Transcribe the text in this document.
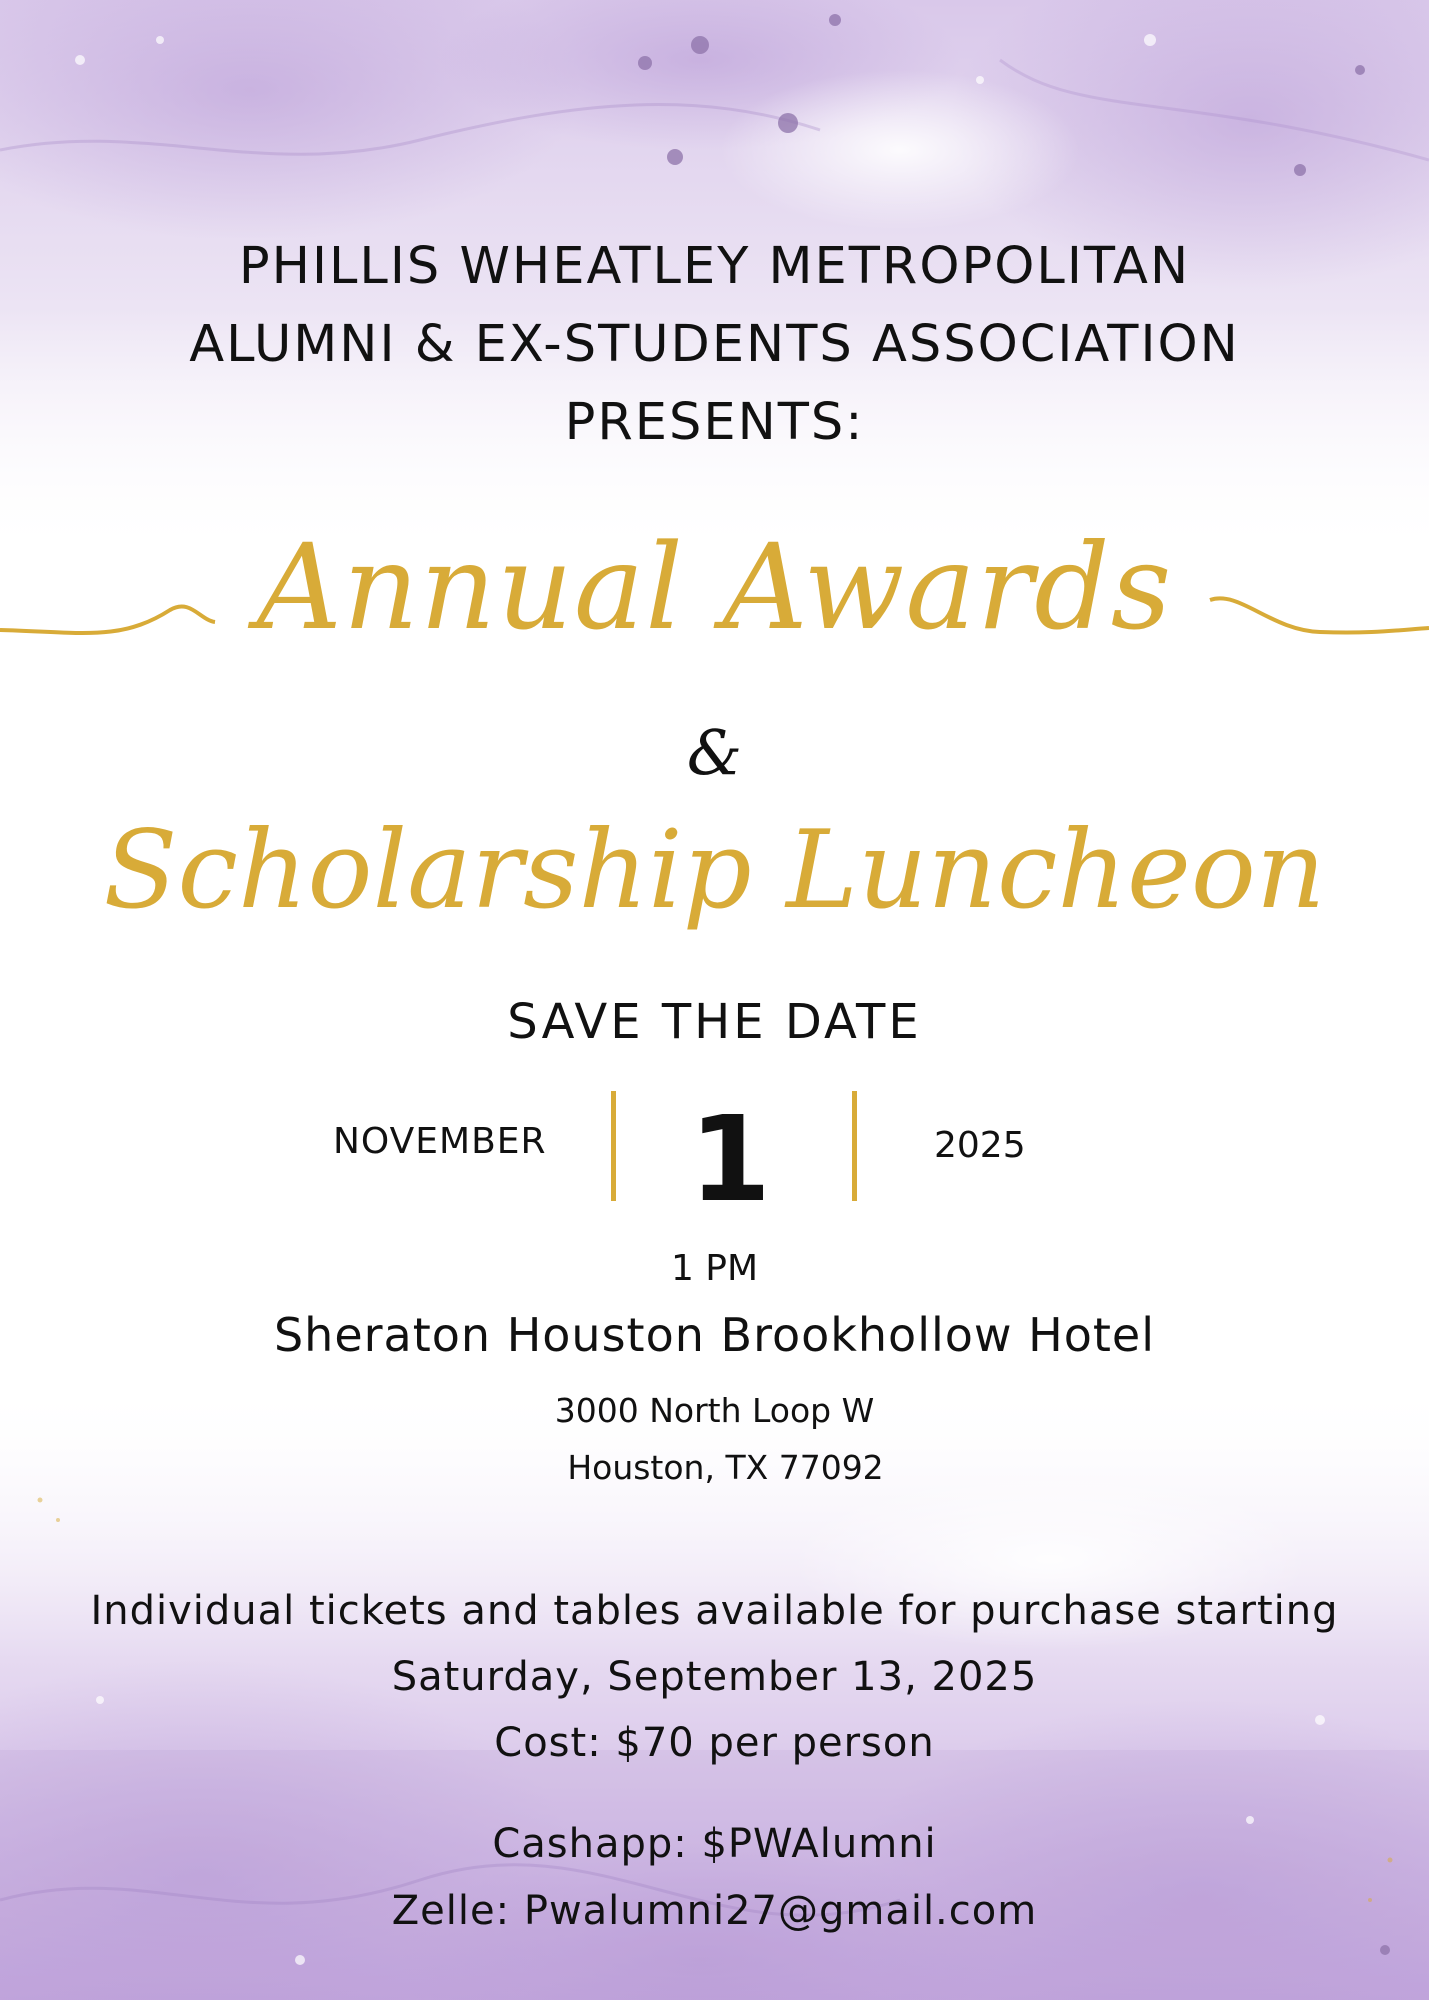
PHILLIS WHEATLEY METROPOLITAN
ALUMNI & EX-STUDENTS ASSOCIATION
PRESENTS:
Annual Awards
&
Scholarship Luncheon
SAVE THE DATE
NOVEMBER 1	2025
1 PM
Sheraton Houston Brookhollow Hotel
3000 North Loop W
Houston, TX 77092
Individual tickets and tables available for purchase starting
Saturday, September 13, 2025
Cost: $70 per person
Cashapp: $PWAlumni
Zelle: Pwalumni27@gmail.com
